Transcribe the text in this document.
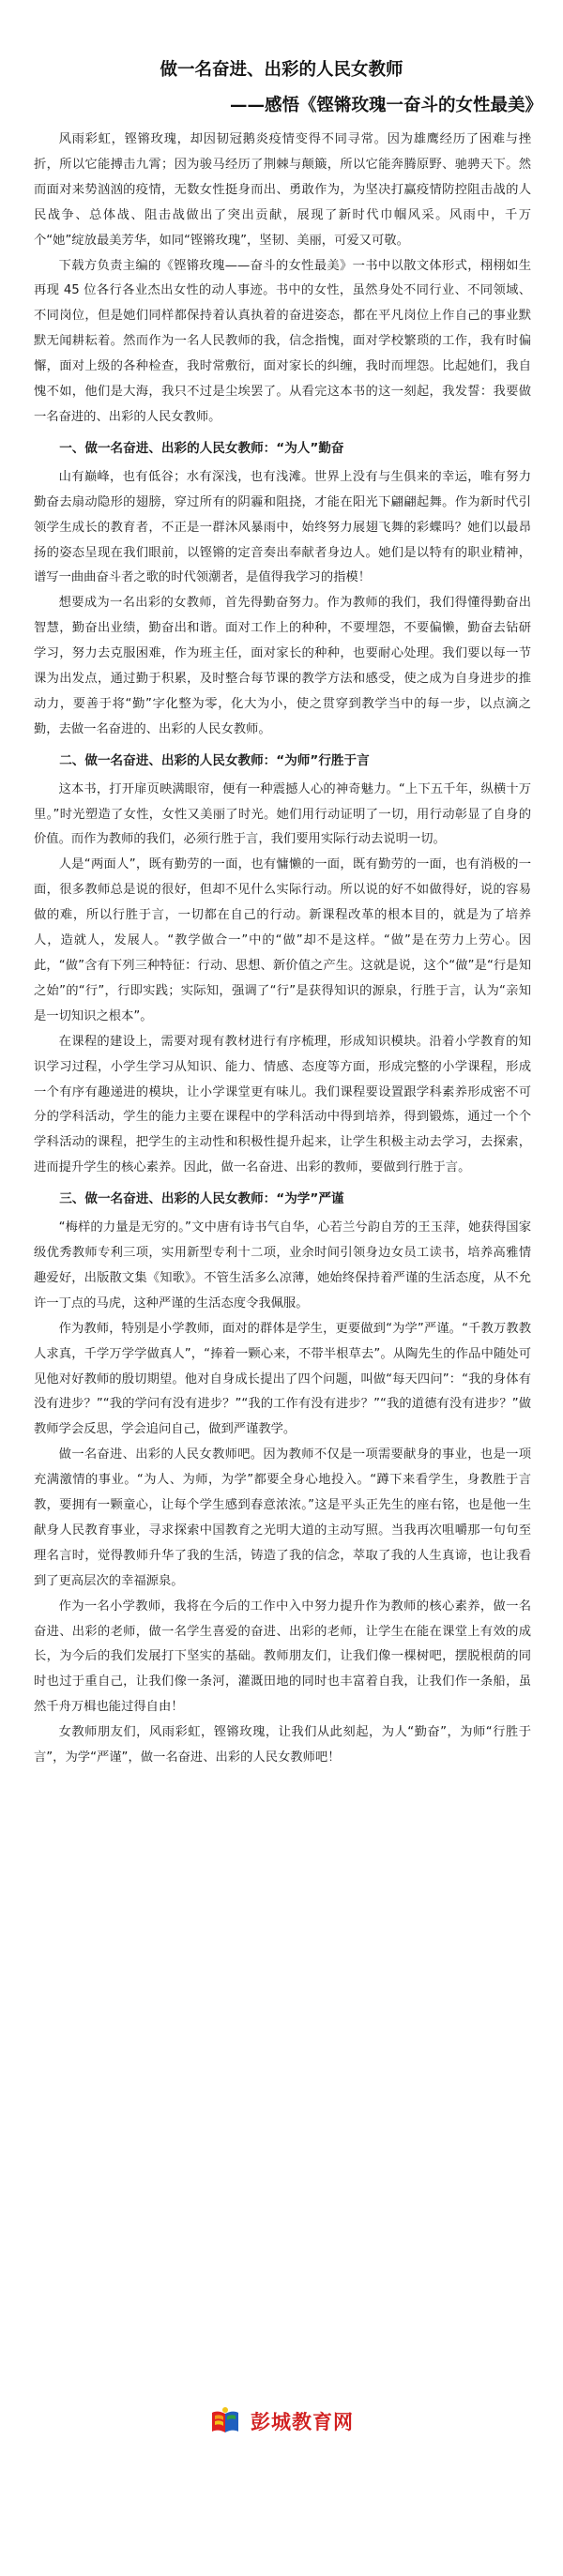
做一名奋进、出彩的人民女教师
——感悟《铿锵玫瑰一奋斗的女性最美》

风雨彩虹，铿锵玫瑰，却因韧冠鹅炎疫情变得不同寻常。因为雄鹰经历了困难与挫折，所以它能搏击九霄；因为骏马经历了荆棘与颠簸，所以它能奔腾原野、驰骋天下。然而面对来势汹汹的疫情，无数女性挺身而出、勇敢作为，为坚决打赢疫情防控阻击战的人民战争、总体战、阻击战做出了突出贡献，展现了新时代巾帼风采。风雨中，千万个“她”绽放最美芳华，如同“铿锵玫瑰”，坚韧、美丽，可爱又可敬。

下载方负责主编的《铿锵玫瑰——奋斗的女性最美》一书中以散文体形式，栩栩如生再现 45 位各行各业杰出女性的动人事迹。书中的女性，虽然身处不同行业、不同领域、不同岗位，但是她们同样都保持着认真执着的奋进姿态，都在平凡岗位上作自己的事业默默无闻耕耘着。然而作为一名人民教师的我，信念指愧，面对学校繁琐的工作，我有时偏懈，面对上级的各种检查，我时常敷衍，面对家长的纠缠，我时而埋怨。比起她们，我自愧不如，他们是大海，我只不过是尘埃罢了。从看完这本书的这一刻起，我发誓：我要做一名奋进的、出彩的人民女教师。

一、做一名奋进、出彩的人民女教师：“为人”勤奋

山有巅峰，也有低谷；水有深浅，也有浅滩。世界上没有与生俱来的幸运，唯有努力勤奋去扇动隐形的翅膀，穿过所有的阴霾和阻挠，才能在阳光下翩翩起舞。作为新时代引领学生成长的教育者，不正是一群沐风暴雨中，始终努力展翅飞舞的彩蝶吗？她们以最昂扬的姿态呈现在我们眼前，以铿锵的定音奏出奉献者身边人。她们是以特有的职业精神，谱写一曲曲奋斗者之歌的时代领潮者，是值得我学习的指模！

想要成为一名出彩的女教师，首先得勤奋努力。作为教师的我们，我们得懂得勤奋出智慧，勤奋出业绩，勤奋出和谐。面对工作上的种种，不要埋怨，不要偏懒，勤奋去钻研学习，努力去克服困难，作为班主任，面对家长的种种，也要耐心处理。我们要以每一节课为出发点，通过勤于积累，及时整合每节课的教学方法和感受，使之成为自身进步的推动力，要善于将“勤”字化整为零，化大为小，使之贯穿到教学当中的每一步，以点滴之勤，去做一名奋进的、出彩的人民女教师。

二、做一名奋进、出彩的人民女教师：“为师”行胜于言

这本书，打开扉页映满眼帘，便有一种震撼人心的神奇魅力。“上下五千年，纵横十万里。”时光塑造了女性，女性又美丽了时光。她们用行动证明了一切，用行动彰显了自身的价值。而作为教师的我们，必须行胜于言，我们要用实际行动去说明一切。

人是“两面人”，既有勤劳的一面，也有慵懒的一面，既有勤劳的一面，也有消极的一面，很多教师总是说的很好，但却不见什么实际行动。所以说的好不如做得好，说的容易做的难，所以行胜于言，一切都在自己的行动。新课程改革的根本目的，就是为了培养人，造就人，发展人。“教学做合一”中的“做”却不是这样。“做”是在劳力上劳心。因此，“做”含有下列三种特征：行动、思想、新价值之产生。这就是说，这个“做”是“行是知之始”的“行”，行即实践；实际知，强调了“行”是获得知识的源泉，行胜于言，认为“亲知是一切知识之根本”。

在课程的建设上，需要对现有教材进行有序梳理，形成知识模块。沿着小学教育的知识学习过程，小学生学习从知识、能力、情感、态度等方面，形成完整的小学课程，形成一个有序有趣递进的模块，让小学课堂更有味儿。我们课程要设置跟学科素养形成密不可分的学科活动，学生的能力主要在课程中的学科活动中得到培养，得到锻炼，通过一个个学科活动的课程，把学生的主动性和积极性提升起来，让学生积极主动去学习，去探索，进而提升学生的核心素养。因此，做一名奋进、出彩的教师，要做到行胜于言。

三、做一名奋进、出彩的人民女教师：“为学”严谨

“梅样的力量是无穷的。”文中唐有诗书气自华，心若兰兮韵自芳的王玉萍，她获得国家级优秀教师专利三项，实用新型专利十二项，业余时间引领身边女员工读书，培养高雅情趣爱好，出版散文集《知歌》。不管生活多么凉薄，她始终保持着严谨的生活态度，从不允许一丁点的马虎，这种严谨的生活态度令我佩服。

作为教师，特别是小学教师，面对的群体是学生，更要做到“为学”严谨。“千教万教教人求真，千学万学学做真人”，“捧着一颗心来，不带半根草去”。从陶先生的作品中随处可见他对好教师的殷切期望。他对自身成长提出了四个问题，叫做“每天四问”：“我的身体有没有进步？”“我的学问有没有进步？”“我的工作有没有进步？”“我的道德有没有进步？”做教师学会反思，学会追问自己，做到严谨教学。

做一名奋进、出彩的人民女教师吧。因为教师不仅是一项需要献身的事业，也是一项充满激情的事业。“为人、为师，为学”都要全身心地投入。“蹲下来看学生，身教胜于言教，要拥有一颗童心，让每个学生感到春意浓浓。”这是平头正先生的座右铭，也是他一生献身人民教育事业，寻求探索中国教育之光明大道的主动写照。当我再次咀嚼那一句句至理名言时，觉得教师升华了我的生活，铸造了我的信念，萃取了我的人生真谛，也让我看到了更高层次的幸福源泉。

作为一名小学教师，我将在今后的工作中入中努力提升作为教师的核心素养，做一名奋进、出彩的老师，做一名学生喜爱的奋进、出彩的老师，让学生在能在课堂上有效的成长，为今后的我们发展打下坚实的基础。教师朋友们，让我们像一棵树吧，摆脱根荫的同时也过于重自己，让我们像一条河，灌溉田地的同时也丰富着自我，让我们作一条船，虽然千舟万楫也能过得自由！

女教师朋友们，风雨彩虹，铿锵玫瑰，让我们从此刻起，为人“勤奋”，为师“行胜于言”，为学“严谨”，做一名奋进、出彩的人民女教师吧！

彭城教育网
